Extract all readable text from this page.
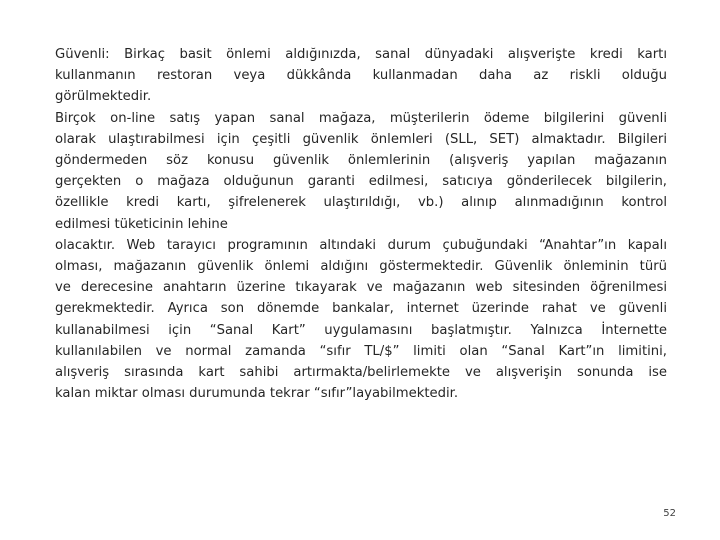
Güvenli: Birkaç basit önlemi aldığınızda, sanal dünyadaki alışverişte kredi kartı
kullanmanın restoran veya dükkânda kullanmadan daha az riskli olduğu
görülmektedir.
Birçok on-line satış yapan sanal mağaza, müşterilerin ödeme bilgilerini güvenli
olarak ulaştırabilmesi için çeşitli güvenlik önlemleri (SLL, SET) almaktadır. Bilgileri
göndermeden söz konusu güvenlik önlemlerinin (alışveriş yapılan mağazanın
gerçekten o mağaza olduğunun garanti edilmesi, satıcıya gönderilecek bilgilerin,
özellikle kredi kartı, şifrelenerek ulaştırıldığı, vb.) alınıp alınmadığının kontrol
edilmesi tüketicinin lehine
olacaktır. Web tarayıcı programının altındaki durum çubuğundaki “Anahtar”ın kapalı
olması, mağazanın güvenlik önlemi aldığını göstermektedir. Güvenlik önleminin türü
ve derecesine anahtarın üzerine tıkayarak ve mağazanın web sitesinden öğrenilmesi
gerekmektedir. Ayrıca son dönemde bankalar, internet üzerinde rahat ve güvenli
kullanabilmesi için “Sanal Kart” uygulamasını başlatmıştır. Yalnızca İnternette
kullanılabilen ve normal zamanda “sıfır TL/$” limiti olan “Sanal Kart”ın limitini,
alışveriş sırasında kart sahibi artırmakta/belirlemekte ve alışverişin sonunda ise
kalan miktar olması durumunda tekrar “sıfır”layabilmektedir.
52
